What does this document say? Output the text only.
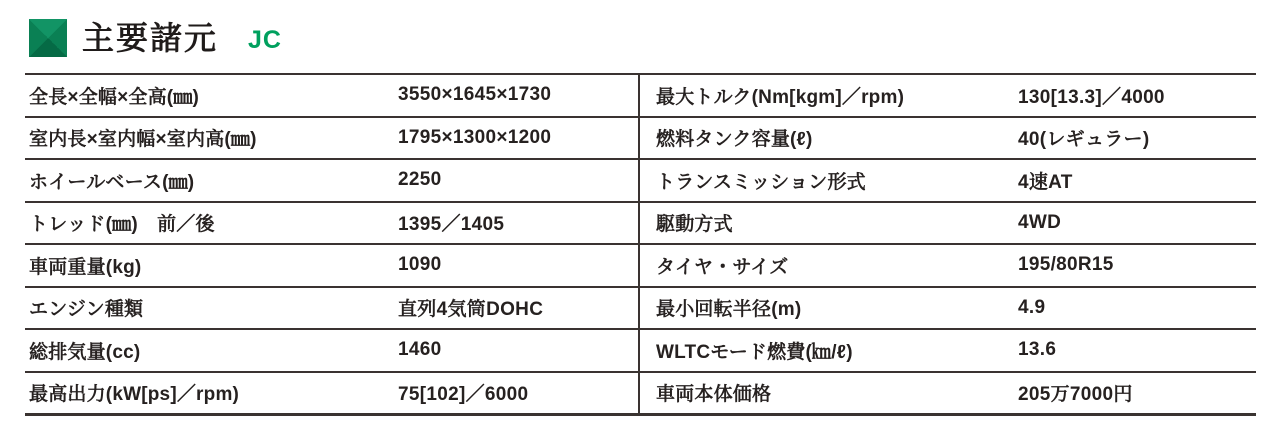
主要諸元 JC
全長×全幅×全高(㎜)	3550×1645×1730
室内長×室内幅×室内高(㎜)	1795×1300×1200
ホイールベース(㎜)	2250
トレッド(㎜)　前／後	1395／1405
車両重量(kg)	1090
エンジン種類	直列4気筒DOHC
総排気量(cc)	1460
最高出力(kW[ps]／rpm)	75[102]／6000
最大トルク(Nm[kgm]／rpm)	130[13.3]／4000
燃料タンク容量(ℓ)	40(レギュラー)
トランスミッション形式	4速AT
駆動方式	4WD
タイヤ・サイズ	195/80R15
最小回転半径(m)	4.9
WLTCモード燃費(㎞/ℓ)	13.6
車両本体価格	205万7000円
